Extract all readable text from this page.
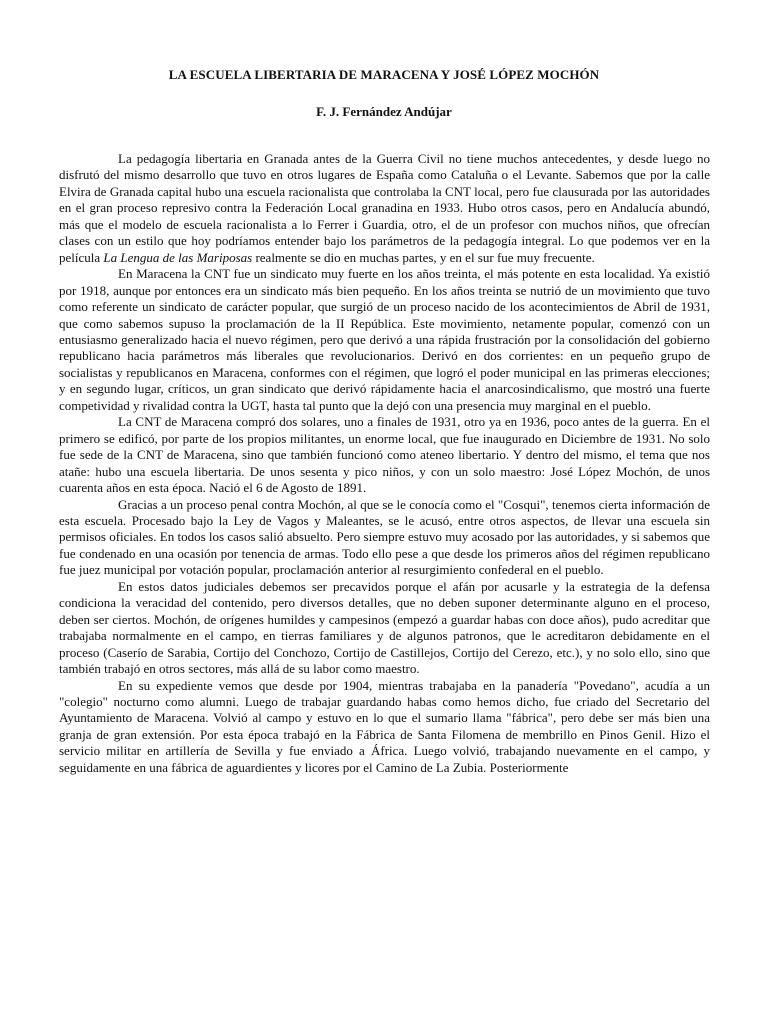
LA ESCUELA LIBERTARIA DE MARACENA Y JOSÉ LÓPEZ MOCHÓN
F. J. Fernández Andújar

La pedagogía libertaria en Granada antes de la Guerra Civil no tiene muchos antecedentes, y desde luego no disfrutó del mismo desarrollo que tuvo en otros lugares de España como Cataluña o el Levante. Sabemos que por la calle Elvira de Granada capital hubo una escuela racionalista que controlaba la CNT local, pero fue clausurada por las autoridades en el gran proceso represivo contra la Federación Local granadina en 1933. Hubo otros casos, pero en Andalucía abundó, más que el modelo de escuela racionalista a lo Ferrer i Guardia, otro, el de un profesor con muchos niños, que ofrecían clases con un estilo que hoy podríamos entender bajo los parámetros de la pedagogía integral. Lo que podemos ver en la película La Lengua de las Mariposas realmente se dio en muchas partes, y en el sur fue muy frecuente.

En Maracena la CNT fue un sindicato muy fuerte en los años treinta, el más potente en esta localidad. Ya existió por 1918, aunque por entonces era un sindicato más bien pequeño. En los años treinta se nutrió de un movimiento que tuvo como referente un sindicato de carácter popular, que surgió de un proceso nacido de los acontecimientos de Abril de 1931, que como sabemos supuso la proclamación de la II República. Este movimiento, netamente popular, comenzó con un entusiasmo generalizado hacia el nuevo régimen, pero que derivó a una rápida frustración por la consolidación del gobierno republicano hacia parámetros más liberales que revolucionarios. Derivó en dos corrientes: en un pequeño grupo de socialistas y republicanos en Maracena, conformes con el régimen, que logró el poder municipal en las primeras elecciones; y en segundo lugar, críticos, un gran sindicato que derivó rápidamente hacia el anarcosindicalismo, que mostró una fuerte competividad y rivalidad contra la UGT, hasta tal punto que la dejó con una presencia muy marginal en el pueblo.

La CNT de Maracena compró dos solares, uno a finales de 1931, otro ya en 1936, poco antes de la guerra. En el primero se edificó, por parte de los propios militantes, un enorme local, que fue inaugurado en Diciembre de 1931. No solo fue sede de la CNT de Maracena, sino que también funcionó como ateneo libertario. Y dentro del mismo, el tema que nos atañe: hubo una escuela libertaria. De unos sesenta y pico niños, y con un solo maestro: José López Mochón, de unos cuarenta años en esta época. Nació el 6 de Agosto de 1891.

Gracias a un proceso penal contra Mochón, al que se le conocía como el "Cosqui", tenemos cierta información de esta escuela. Procesado bajo la Ley de Vagos y Maleantes, se le acusó, entre otros aspectos, de llevar una escuela sin permisos oficiales. En todos los casos salió absuelto. Pero siempre estuvo muy acosado por las autoridades, y si sabemos que fue condenado en una ocasión por tenencia de armas. Todo ello pese a que desde los primeros años del régimen republicano fue juez municipal por votación popular, proclamación anterior al resurgimiento confederal en el pueblo.

En estos datos judiciales debemos ser precavidos porque el afán por acusarle y la estrategia de la defensa condiciona la veracidad del contenido, pero diversos detalles, que no deben suponer determinante alguno en el proceso, deben ser ciertos. Mochón, de orígenes humildes y campesinos (empezó a guardar habas con doce años), pudo acreditar que trabajaba normalmente en el campo, en tierras familiares y de algunos patronos, que le acreditaron debidamente en el proceso (Caserío de Sarabia, Cortijo del Conchozo, Cortijo de Castillejos, Cortijo del Cerezo, etc.), y no solo ello, sino que también trabajó en otros sectores, más allá de su labor como maestro.

En su expediente vemos que desde por 1904, mientras trabajaba en la panadería "Povedano", acudía a un "colegio" nocturno como alumni. Luego de trabajar guardando habas como hemos dicho, fue criado del Secretario del Ayuntamiento de Maracena. Volvió al campo y estuvo en lo que el sumario llama "fábrica", pero debe ser más bien una granja de gran extensión. Por esta época trabajó en la Fábrica de Santa Filomena de membrillo en Pinos Genil. Hizo el servicio militar en artillería de Sevilla y fue enviado a África. Luego volvió, trabajando nuevamente en el campo, y seguidamente en una fábrica de aguardientes y licores por el Camino de La Zubia. Posteriormente
